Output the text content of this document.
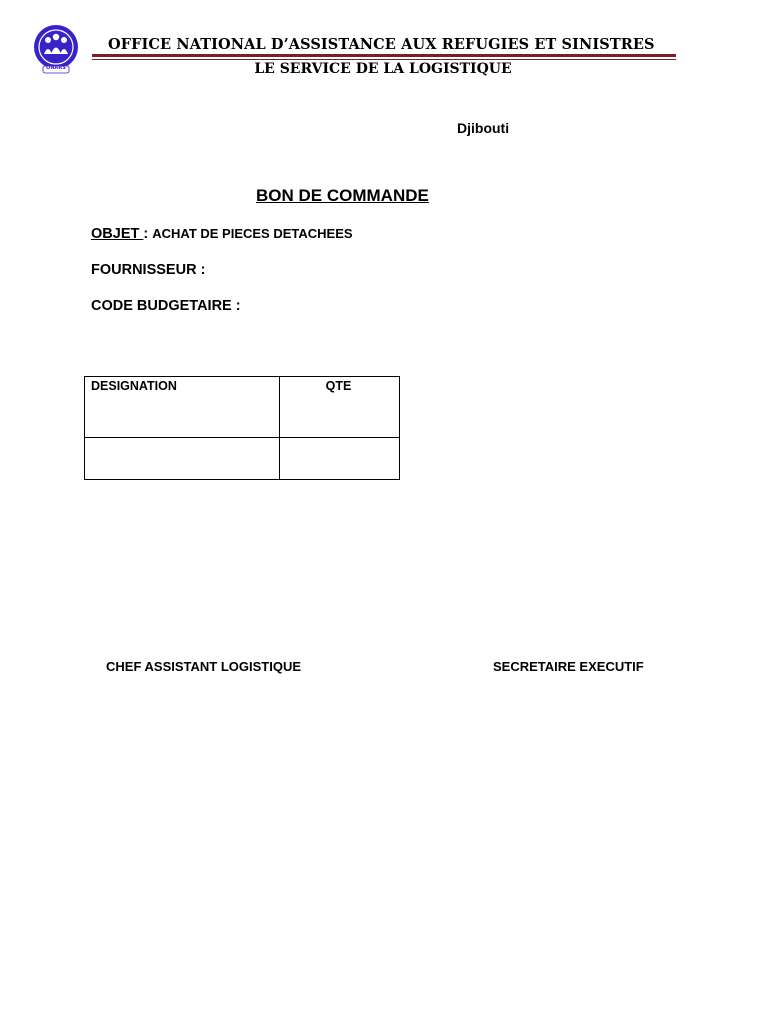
ONARS
OFFICE NATIONAL D’ASSISTANCE AUX REFUGIES ET SINISTRES
LE SERVICE DE LA LOGISTIQUE
Djibouti
BON DE COMMANDE
OBJET : ACHAT DE PIECES DETACHEES
FOURNISSEUR :
CODE BUDGETAIRE :
DESIGNATION	QTE

CHEF ASSISTANT LOGISTIQUE	SECRETAIRE EXECUTIF
